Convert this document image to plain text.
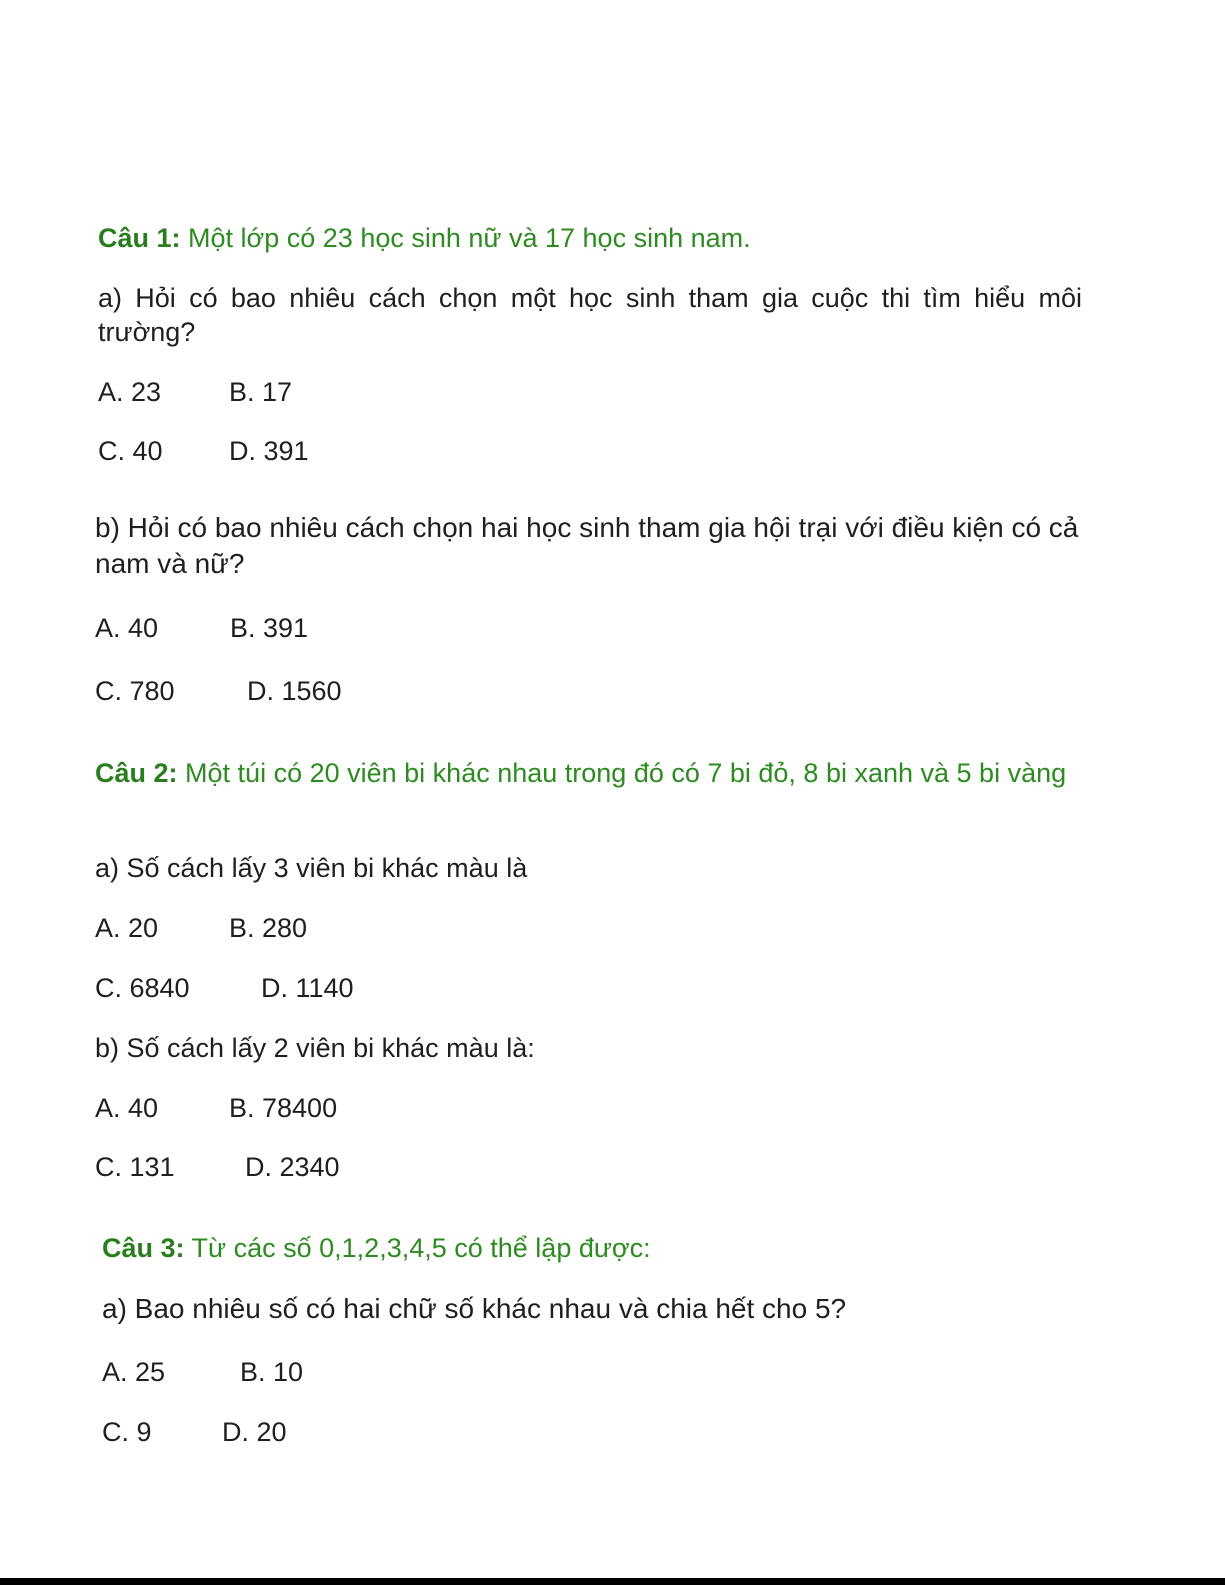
Câu 1: Một lớp có 23 học sinh nữ và 17 học sinh nam.
a) Hỏi có bao nhiêu cách chọn một học sinh tham gia cuộc thi tìm hiểu môi trường?
A. 23	B. 17
C. 40 D. 391
b) Hỏi có bao nhiêu cách chọn hai học sinh tham gia hội trại với điều kiện có cả nam và nữ?
A. 40	B. 391
C. 780	D. 1560
Câu 2: Một túi có 20 viên bi khác nhau trong đó có 7 bi đỏ, 8 bi xanh và 5 bi vàng
a) Số cách lấy 3 viên bi khác màu là
A. 20	B. 280
C. 6840	D. 1140
b) Số cách lấy 2 viên bi khác màu là:
A. 40	B. 78400
C. 131	D. 2340
Câu 3: Từ các số 0,1,2,3,4,5 có thể lập được:
a) Bao nhiêu số có hai chữ số khác nhau và chia hết cho 5?
A. 25	B. 10
C. 9	D. 20
